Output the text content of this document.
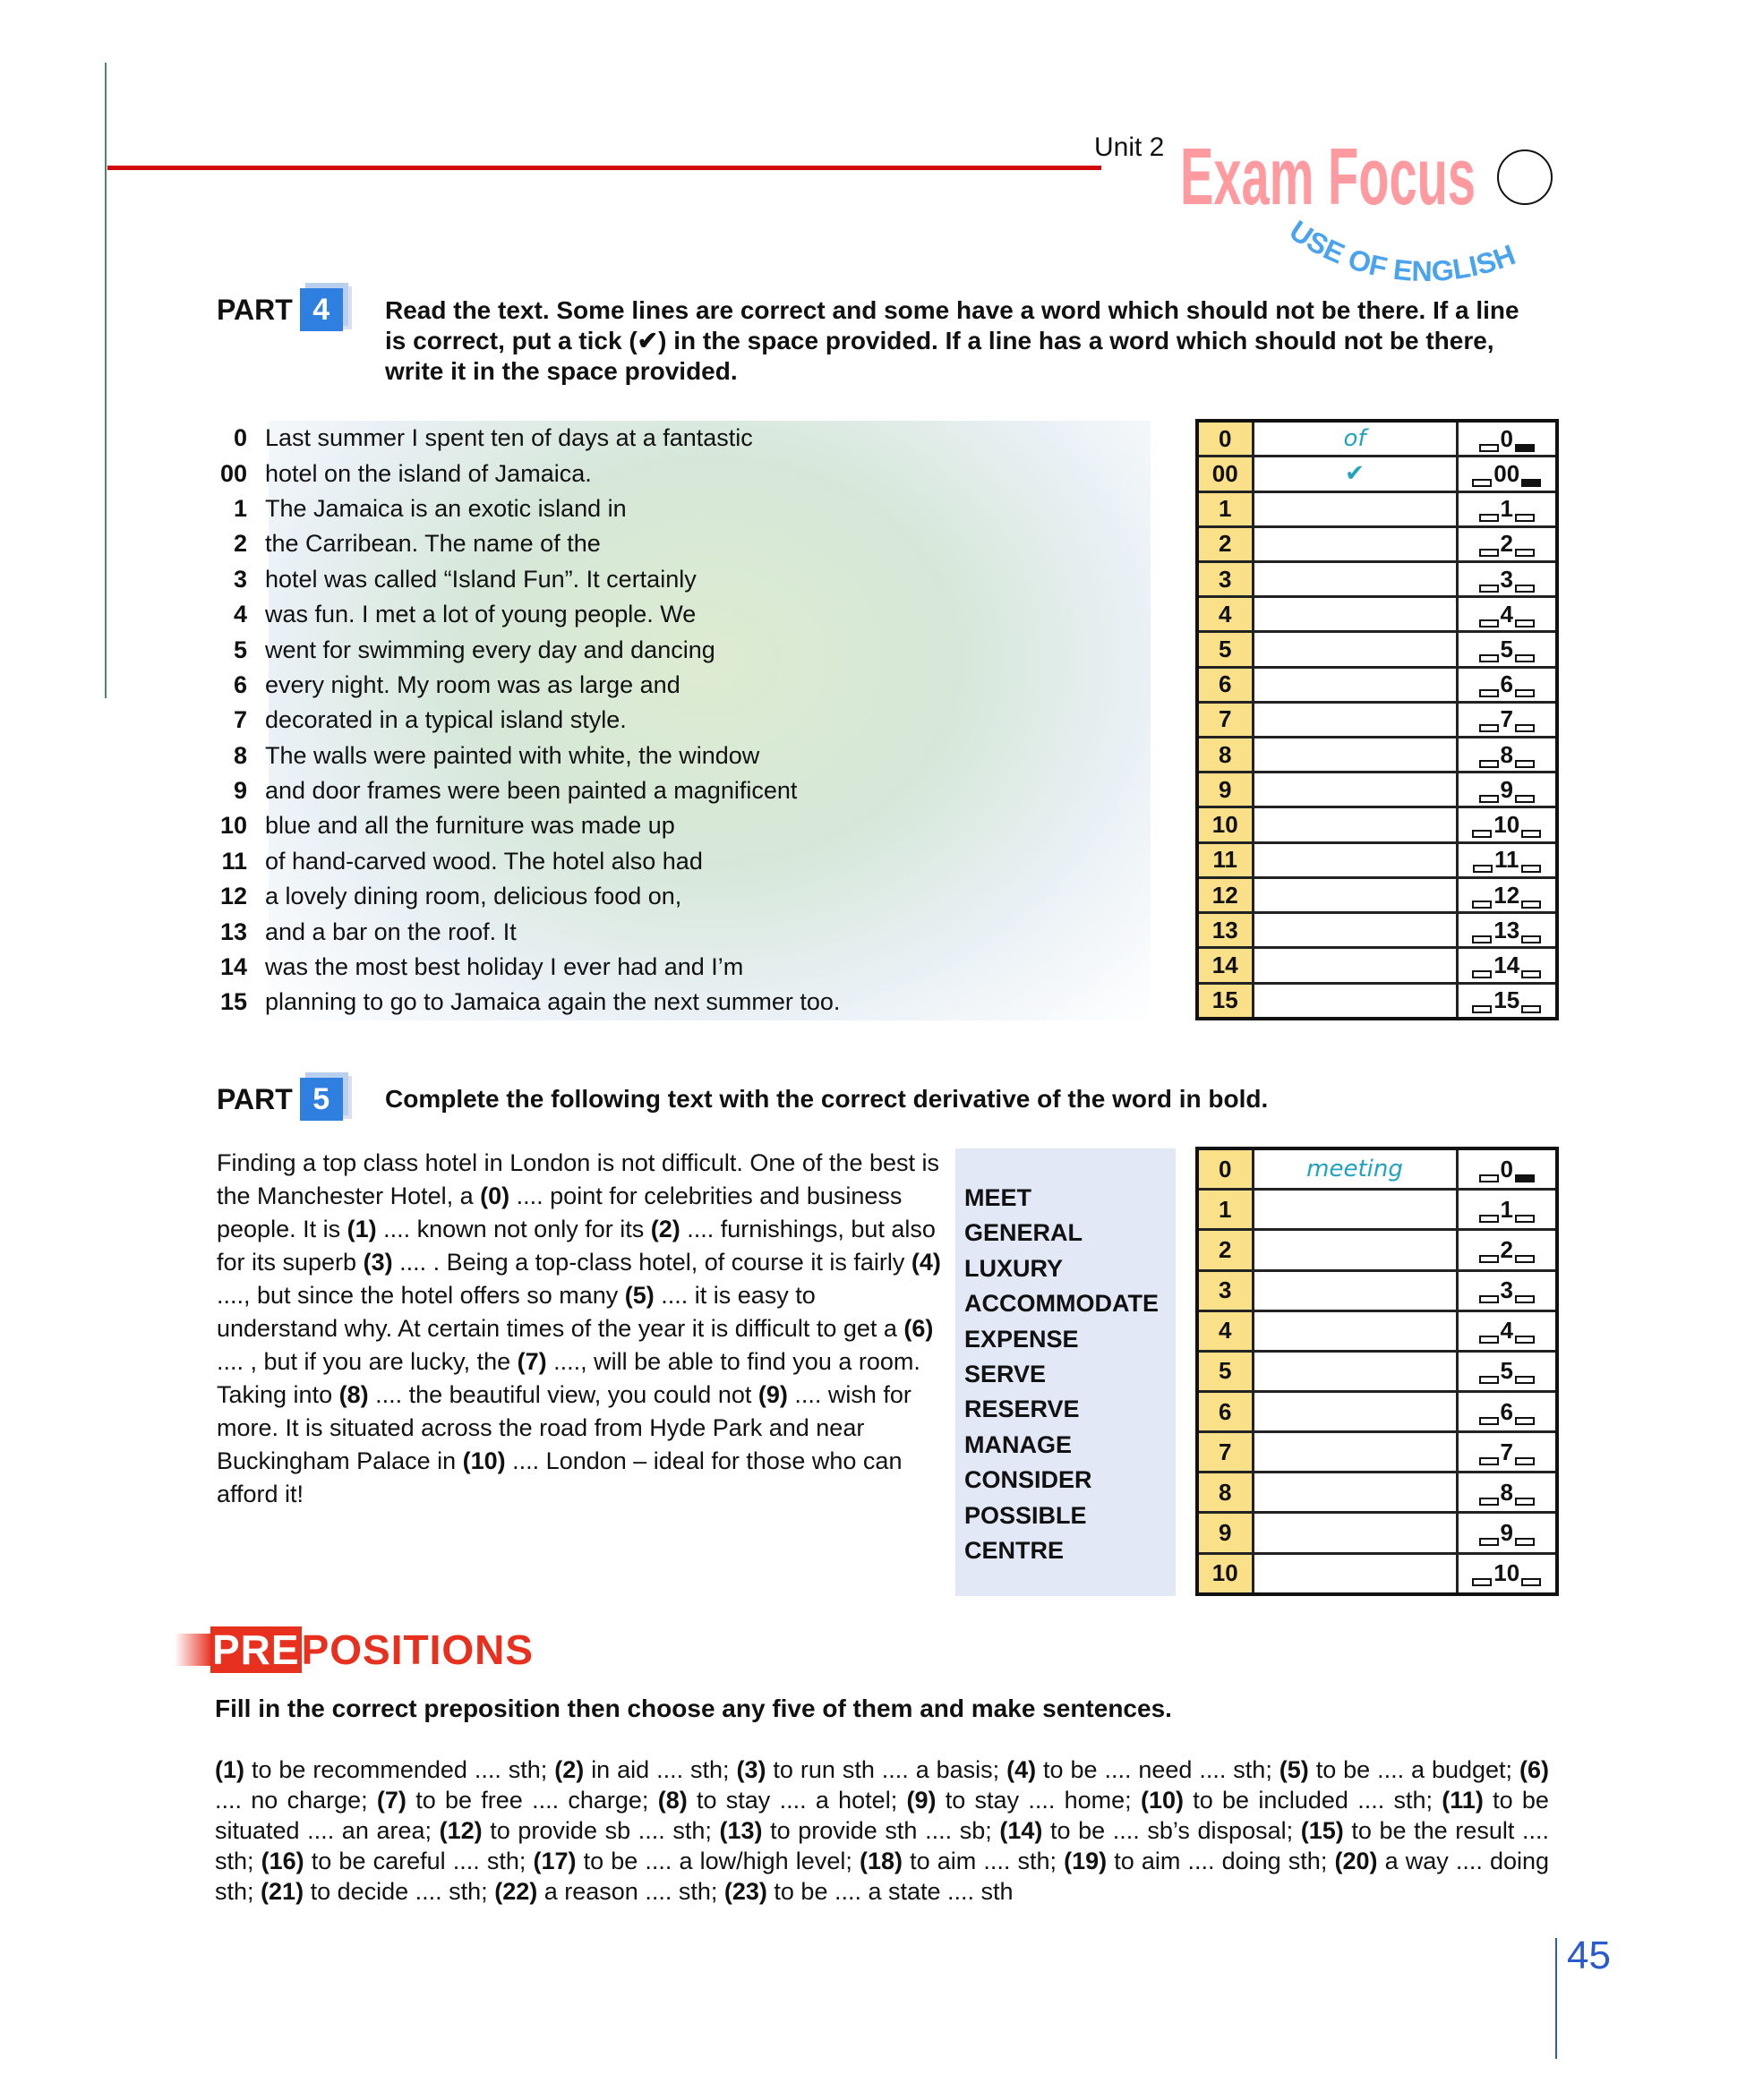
Unit 2 Exam Focus
USE OF ENGLISH
PART 4	Read the text. Some lines are correct and some have a word which should not be there. If a line is correct, put a tick (✔) in the space provided. If a line has a word which should not be there, write it in the space provided.
0 Last summer I spent ten of days at a fantastic
00 hotel on the island of Jamaica.
1 The Jamaica is an exotic island in
2 the Carribean. The name of the
3 hotel was called “Island Fun”. It certainly
4 was fun. I met a lot of young people. We
5 went for swimming every day and dancing
6 every night. My room was as large and
7 decorated in a typical island style.
8 The walls were painted with white, the window
9 and door frames were been painted a magnificent
10 blue and all the furniture was made up
11 of hand-carved wood. The hotel also had
12 a lovely dining room, delicious food on,
13 and a bar on the roof. It
14 was the most best holiday I ever had and I’m
15 planning to go to Jamaica again the next summer too.
0	of	0
00	✔	00
1		1
2		2
3		3
4		4
5		5
6		6
7		7
8		8
9		9
10		10
11		11
12		12
13		13
14		14
15		15
PART 5	Complete the following text with the correct derivative of the word in bold.
Finding a top class hotel in London is not difficult. One of the best is the Manchester Hotel, a (0) .... point for celebrities and business people. It is (1) .... known not only for its (2) .... furnishings, but also for its superb (3) .... . Being a top-class hotel, of course it is fairly (4) ...., but since the hotel offers so many (5) .... it is easy to understand why. At certain times of the year it is difficult to get a (6) .... , but if you are lucky, the (7) ...., will be able to find you a room. Taking into (8) .... the beautiful view, you could not (9) .... wish for more. It is situated across the road from Hyde Park and near Buckingham Palace in (10) .... London – ideal for those who can afford it!
MEET
GENERAL
LUXURY
ACCOMMODATE
EXPENSE
SERVE
RESERVE
MANAGE
CONSIDER
POSSIBLE
CENTRE
0	meeting	0
1		1
2		2
3		3
4		4
5		5
6		6
7		7
8		8
9		9
10		10
PREPOSITIONS
Fill in the correct preposition then choose any five of them and make sentences.
(1) to be recommended .... sth; (2) in aid .... sth; (3) to run sth .... a basis; (4) to be .... need .... sth; (5) to be .... a budget; (6) .... no charge; (7) to be free .... charge; (8) to stay .... a hotel; (9) to stay .... home; (10) to be included .... sth; (11) to be situated .... an area; (12) to provide sb .... sth; (13) to provide sth .... sb; (14) to be .... sb’s disposal; (15) to be the result .... sth; (16) to be careful .... sth; (17) to be .... a low/high level; (18) to aim .... sth; (19) to aim .... doing sth; (20) a way .... doing sth; (21) to decide .... sth; (22) a reason .... sth; (23) to be .... a state .... sth
45
